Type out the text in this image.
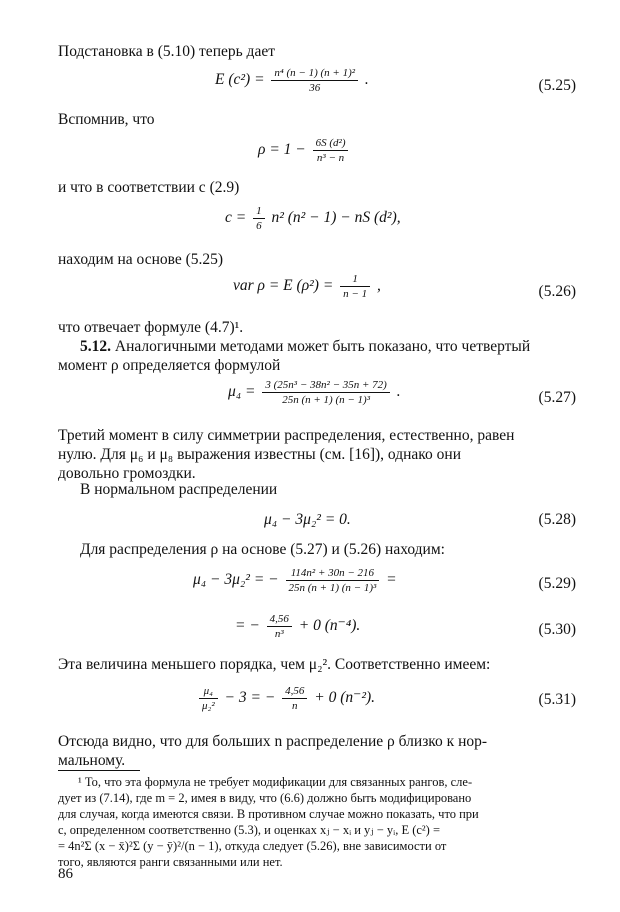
Подстановка в (5.10) теперь дает
E $(c^2) = \frac{\text{n⁴ (n − 1) (n + 1)²}}{36}$ .	(5.25)
Вспомнив, что
$\rho = 1 - \frac{\text{6S (d²)}}{\text{n³ − n}}$
и что в соответствии с (2.9)
$c = \frac{1}{6} n^2$ (n² − 1) − nS (d²),
находим на основе (5.25)
var ρ = E $(\rho^2) = \frac{1}{n - 1}$ ,	(5.26)
что отвечает формуле (4.7)¹.
5.12. Аналогичными методами может быть показано, что четвертый
момент ρ определяется формулой
$\mu_4 = \frac{\text{3 (25n³ − 38n² − 35n + 72)}}{\text{25n (n + 1) (n − 1)³}}$ .	(5.27)
Третий момент в силу симметрии распределения, естественно, равен
нулю. Для μ₆ и μ₈ выражения известны (см. [16]), однако они
довольно громоздки.
В нормальном распределении
μ₄ − 3μ₂² = 0.	(5.28)
Для распределения ρ на основе (5.27) и (5.26) находим:
μ₄ − 3μ₂² = − $\frac{\text{114n² + 30n − 216}}{\text{25n (n + 1) (n − 1)³}}$ =	(5.29)
= − $\frac{4,56}{\text{n³}} + 0$ (n⁻⁴).	(5.30)
Эта величина меньшего порядка, чем μ₂². Соответственно имеем:
$\frac{\text{μ₄}}{\text{μ₂²}} - 3$ = − $\frac{4,56}{n} + 0$ (n⁻²).	(5.31)
Отсюда видно, что для больших n распределение ρ близко к нор-
мальному.
¹ То, что эта формула не требует модификации для связанных рангов, сле-
дует из (7.14), где m = 2, имея в виду, что (6.6) должно быть модифицировано
для случая, когда имеются связи. В противном случае можно показать, что при
c, определенном соответственно (5.3), и оценках xⱼ − xᵢ и yⱼ − yᵢ, E (c²) =
= 4n²Σ (x − x̄)²Σ (y − ȳ)²/(n − 1), откуда следует (5.26), вне зависимости от
того, являются ранги связанными или нет.
86
